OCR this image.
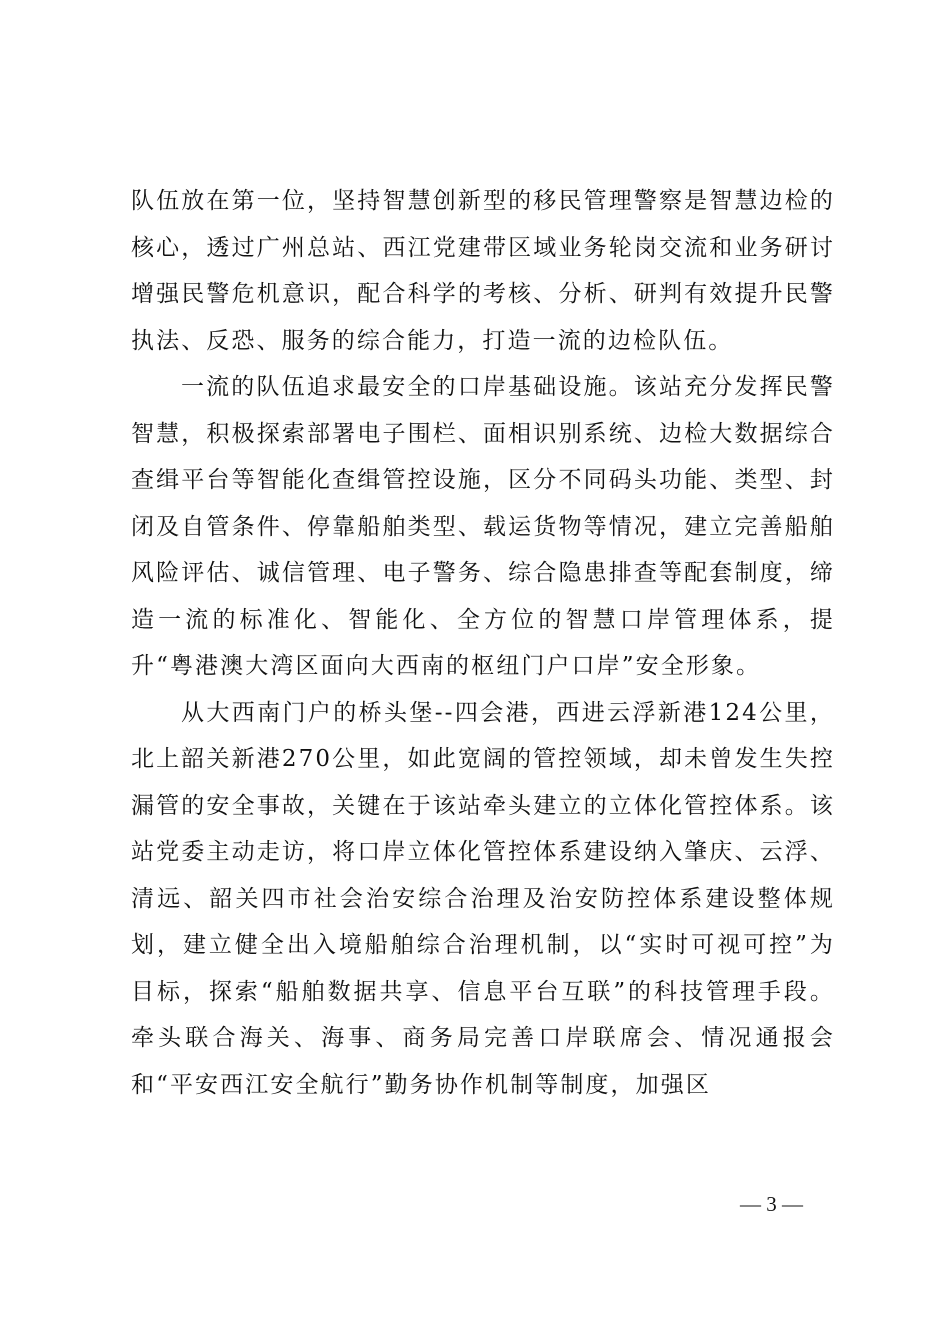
队伍放在第一位，坚持智慧创新型的移民管理警察是智慧边检的核心，透过广州总站、西江党建带区域业务轮岗交流和业务研讨增强民警危机意识，配合科学的考核、分析、研判有效提升民警执法、反恐、服务的综合能力，打造一流的边检队伍。

一流的队伍追求最安全的口岸基础设施。该站充分发挥民警智慧，积极探索部署电子围栏、面相识别系统、边检大数据综合查缉平台等智能化查缉管控设施，区分不同码头功能、类型、封闭及自管条件、停靠船舶类型、载运货物等情况，建立完善船舶风险评估、诚信管理、电子警务、综合隐患排查等配套制度，缔造一流的标准化、智能化、全方位的智慧口岸管理体系，提升“粤港澳大湾区面向大西南的枢纽门户口岸”安全形象。

从大西南门户的桥头堡--四会港，西进云浮新港124公里，北上韶关新港270公里，如此宽阔的管控领域，却未曾发生失控漏管的安全事故，关键在于该站牵头建立的立体化管控体系。该站党委主动走访，将口岸立体化管控体系建设纳入肇庆、云浮、清远、韶关四市社会治安综合治理及治安防控体系建设整体规划，建立健全出入境船舶综合治理机制，以“实时可视可控”为目标，探索“船舶数据共享、信息平台互联”的科技管理手段。牵头联合海关、海事、商务局完善口岸联席会、情况通报会和“平安西江安全航行”勤务协作机制等制度，加强区

— 3 —
